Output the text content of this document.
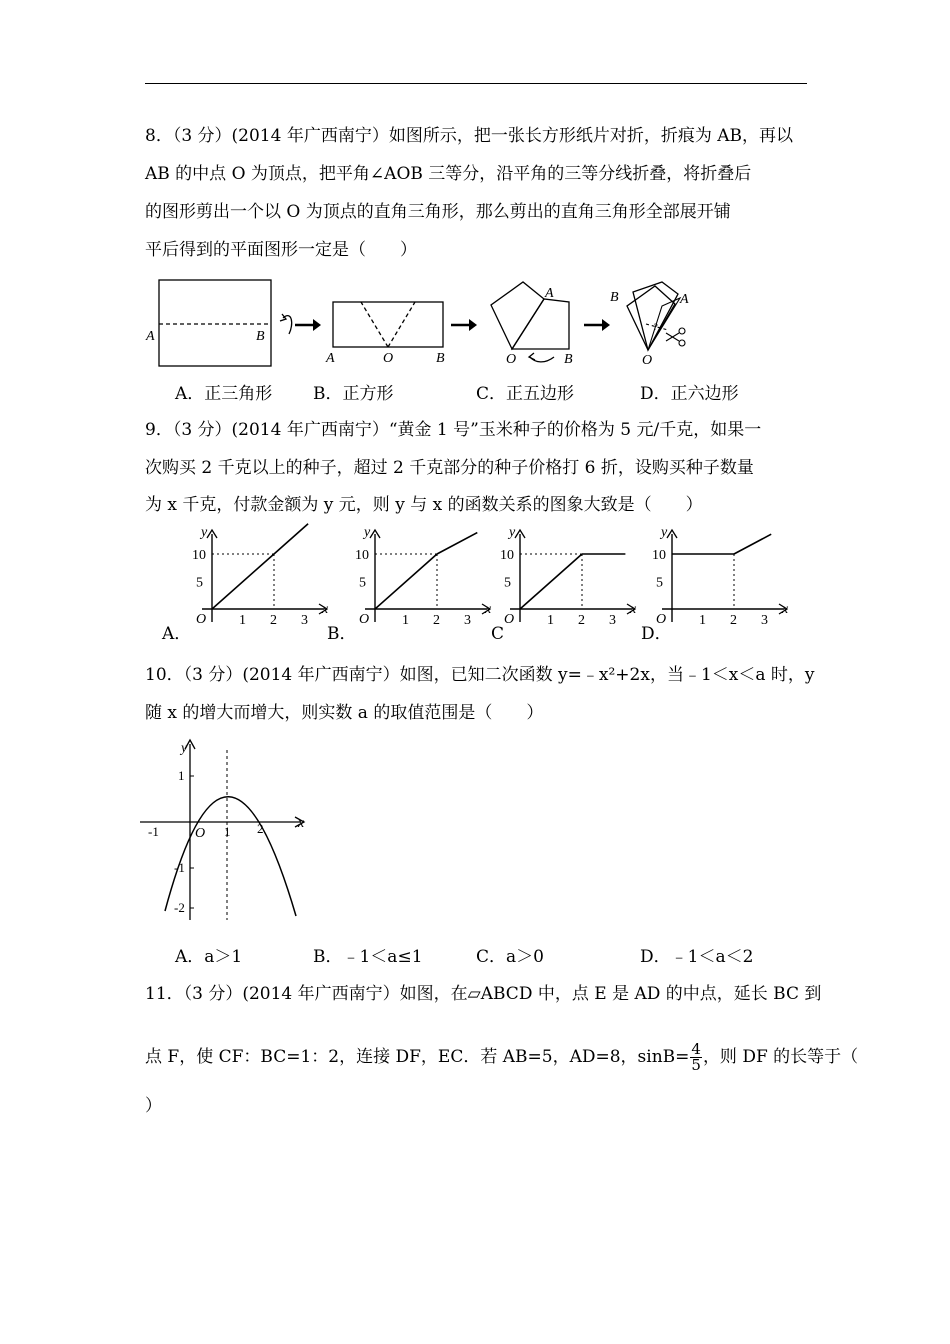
8．（3 分）(2014 年广西南宁）如图所示，把一张长方形纸片对折，折痕为 AB，再以
AB 的中点 O 为顶点，把平角∠AOB 三等分，沿平角的三等分线折叠，将折叠后
的图形剪出一个以 O 为顶点的直角三角形，那么剪出的直角三角形全部展开铺
平后得到的平面图形一定是（　　）
A	B
A	O	B
A
O	B
?
B	A
O
A．正三角形 B．正方形	C．正五边形	D．正六边形
9．（3 分）(2014 年广西南宁）“黄金 1 号”玉米种子的价格为 5 元/千克，如果一
次购买 2 千克以上的种子，超过 2 千克部分的种子价格打 6 折，设购买种子数量
为 x 千克，付款金额为 y 元，则 y 与 x 的函数关系的图象大致是（　　）
y
x
O
10
5
1 2 3
y
x
O
10
5
1 2 3
y
x
O
10
5
1 2 3
y
x
O
10
5
1 2 3
A．	B．	C	D．
10．（3 分）(2014 年广西南宁）如图，已知二次函数 y=﹣x²+2x，当﹣1＜x＜a 时，y
随 x 的增大而增大，则实数 a 的取值范围是（　　）
y
x
O
-1	1 2
1
-1
-2
A．a＞1	B．﹣1＜a≤1	C．a＞0	D．﹣1＜a＜2
11．（3 分）(2014 年广西南宁）如图，在▱ABCD 中，点 E 是 AD 的中点，延长 BC 到
点 F，使 CF：BC=1：2，连接 DF，EC．若 AB=5，AD=8，$\sin B= \frac{4}{5}$ ，则 DF 的长等于（
）
